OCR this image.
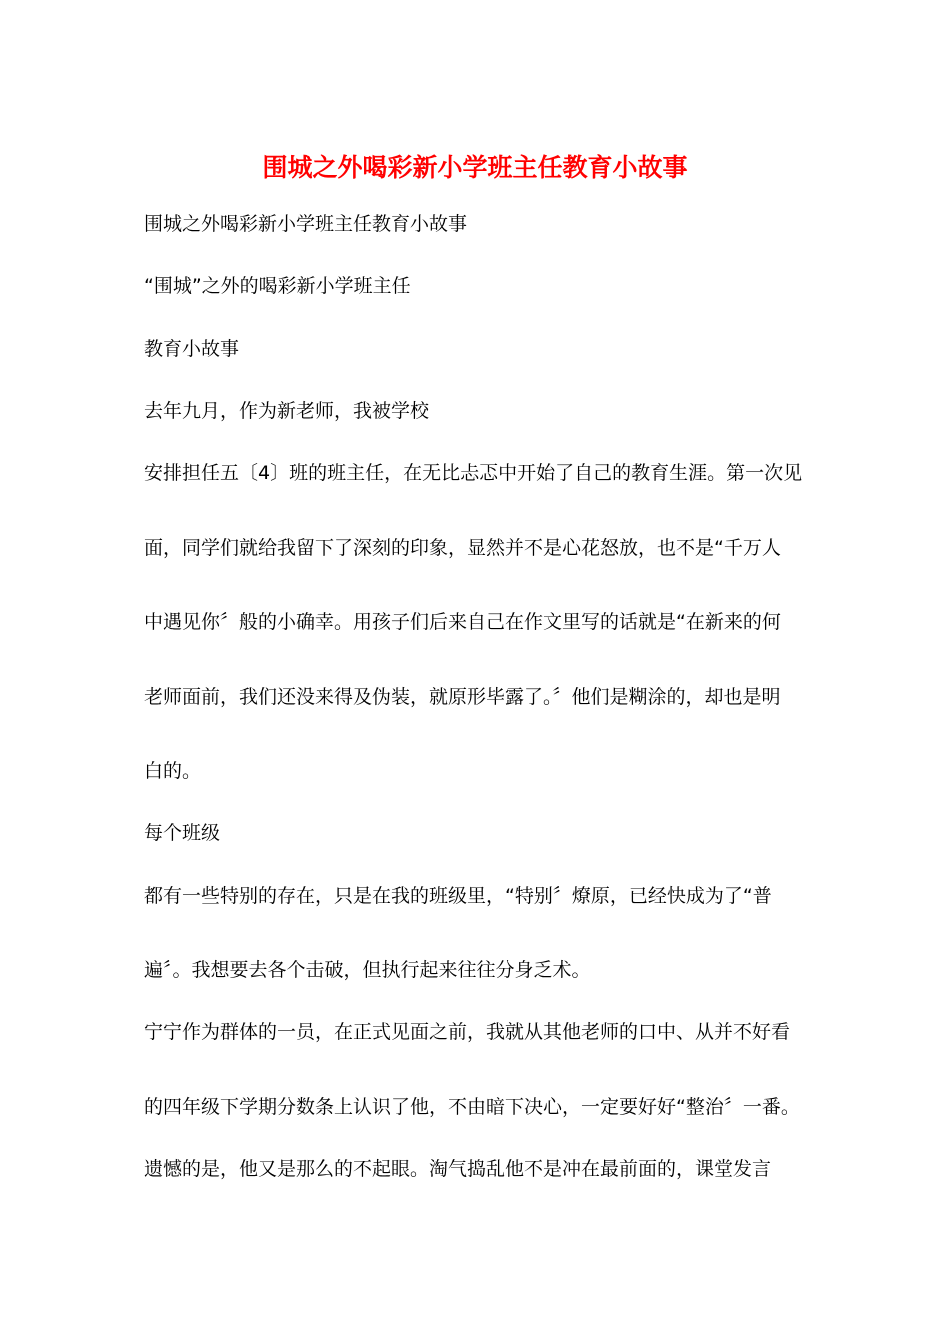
围城之外喝彩新小学班主任教育小故事
围城之外喝彩新小学班主任教育小故事
“围城”之外的喝彩新小学班主任
教育小故事
去年九月，作为新老师，我被学校
安排担任五〔4〕班的班主任，在无比忐忑中开始了自己的教育生涯。第一次见
面，同学们就给我留下了深刻的印象，显然并不是心花怒放，也不是“千万人
中遇见你〞般的小确幸。用孩子们后来自己在作文里写的话就是“在新来的何
老师面前，我们还没来得及伪装，就原形毕露了。〞他们是糊涂的，却也是明
白的。
每个班级
都有一些特别的存在，只是在我的班级里，“特别〞燎原，已经快成为了“普
遍〞。我想要去各个击破，但执行起来往往分身乏术。
宁宁作为群体的一员，在正式见面之前，我就从其他老师的口中、从并不好看
的四年级下学期分数条上认识了他，不由暗下决心，一定要好好“整治〞一番。
遗憾的是，他又是那么的不起眼。淘气捣乱他不是冲在最前面的，课堂发言
